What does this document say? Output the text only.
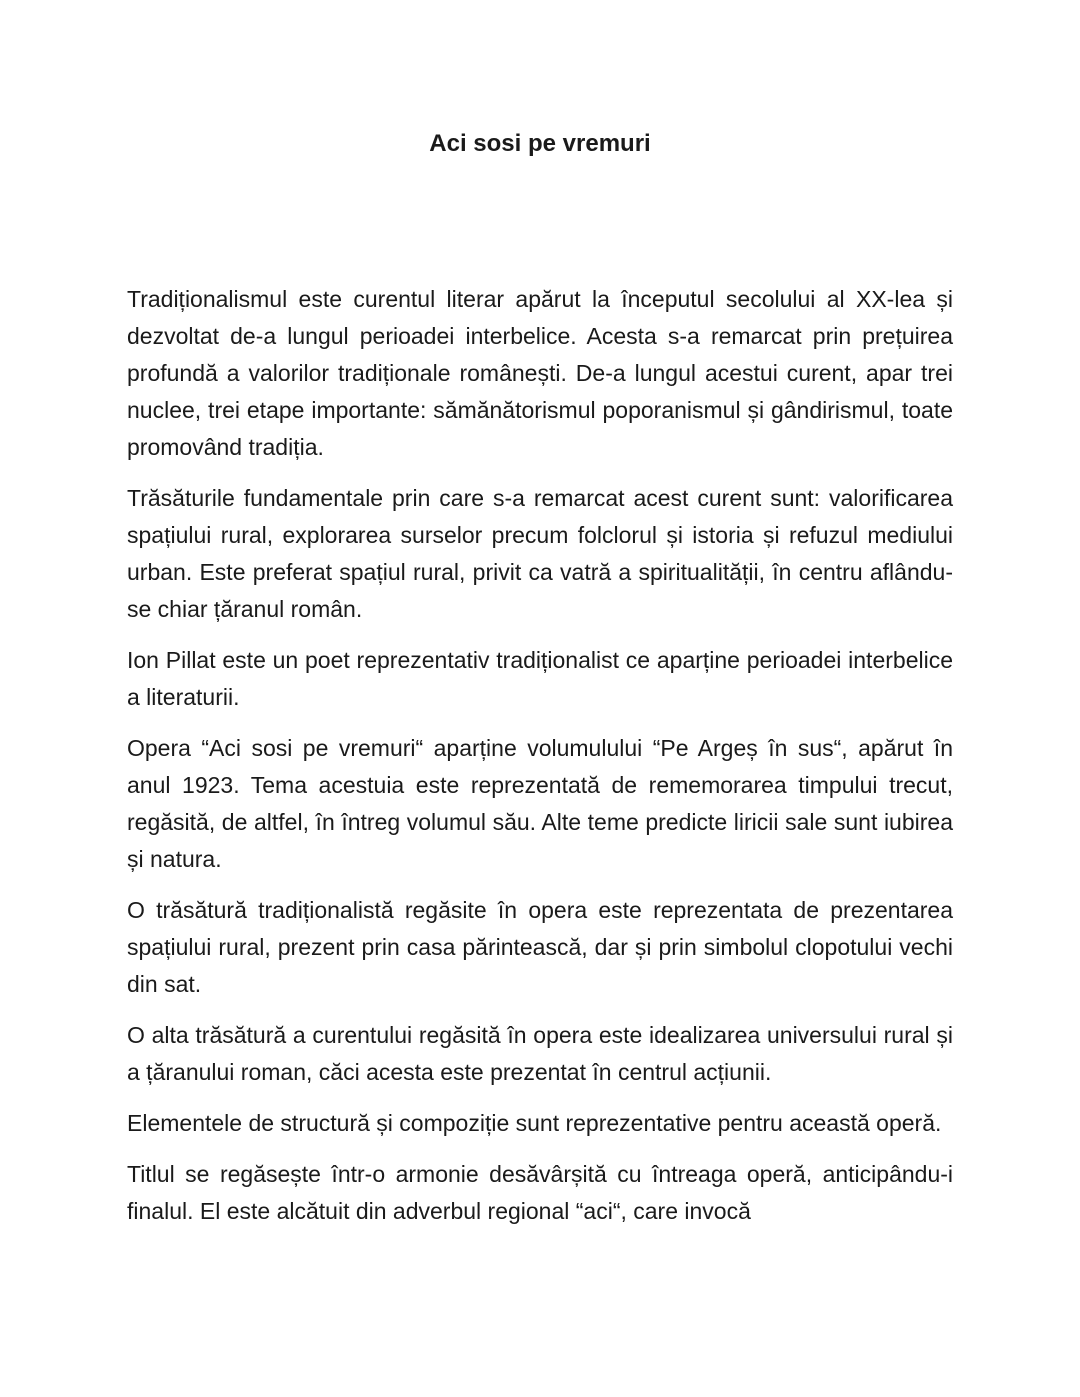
Aci sosi pe vremuri

Tradiționalismul este curentul literar apărut la începutul secolului al XX-lea și dezvoltat de-a lungul perioadei interbelice. Acesta s-a remarcat prin prețuirea profundă a valorilor tradiționale românești. De-a lungul acestui curent, apar trei nuclee, trei etape importante: sămănătorismul poporanismul și gândirismul, toate promovând tradiția.

Trăsăturile fundamentale prin care s-a remarcat acest curent sunt: valorificarea spațiului rural, explorarea surselor precum folclorul și istoria și refuzul mediului urban. Este preferat spațiul rural, privit ca vatră a spiritualității, în centru aflându-se chiar țăranul român.

Ion Pillat este un poet reprezentativ tradiționalist ce aparține perioadei interbelice a literaturii.

Opera “Aci sosi pe vremuri“ aparține volumulului “Pe Argeș în sus“, apărut în anul 1923. Tema acestuia este reprezentată de rememorarea timpului trecut, regăsită, de altfel, în întreg volumul său. Alte teme predicte liricii sale sunt iubirea și natura.

O trăsătură tradiționalistă regăsite în opera este reprezentata de prezentarea spațiului rural, prezent prin casa părintească, dar și prin simbolul clopotului vechi din sat.

O alta trăsătură a curentului regăsită în opera este idealizarea universului rural și a țăranului roman, căci acesta este prezentat în centrul acțiunii.

Elementele de structură și compoziție sunt reprezentative pentru această operă.

Titlul se regăsește într-o armonie desăvârșită cu întreaga operă, anticipându-i finalul. El este alcătuit din adverbul regional “aci“, care invocă
